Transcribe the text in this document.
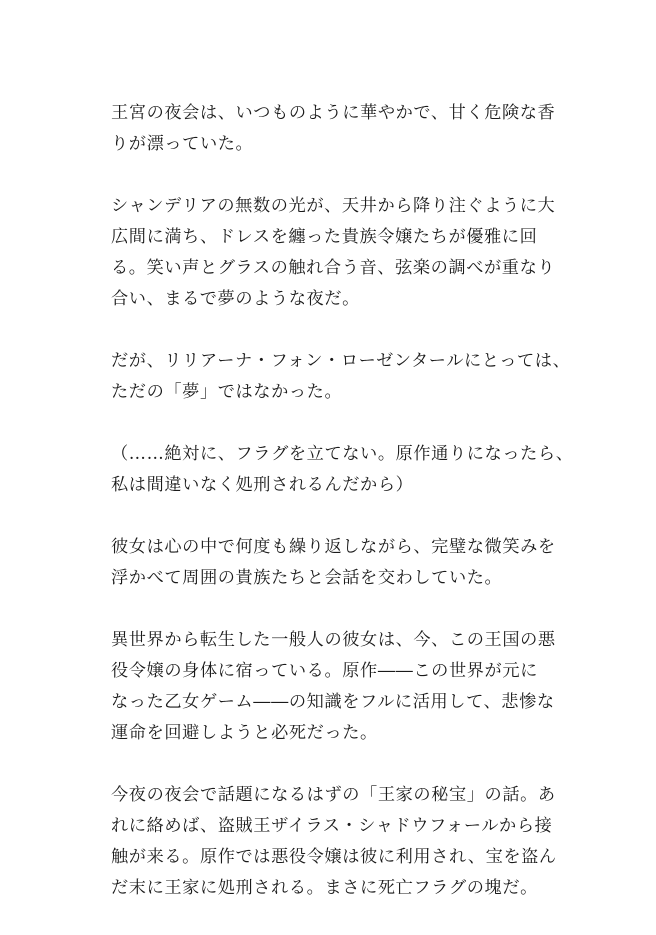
王宮の夜会は、いつものように華やかで、甘く危険な香
りが漂っていた。

シャンデリアの無数の光が、天井から降り注ぐように大
広間に満ち、ドレスを纏った貴族令嬢たちが優雅に回
る。笑い声とグラスの触れ合う音、弦楽の調べが重なり
合い、まるで夢のような夜だ。

だが、リリアーナ・フォン・ローゼンタールにとっては、
ただの「夢」ではなかった。

（……絶対に、フラグを立てない。原作通りになったら、
私は間違いなく処刑されるんだから）

彼女は心の中で何度も繰り返しながら、完璧な微笑みを
浮かべて周囲の貴族たちと会話を交わしていた。

異世界から転生した一般人の彼女は、今、この王国の悪
役令嬢の身体に宿っている。原作――この世界が元に
なった乙女ゲーム――の知識をフルに活用して、悲惨な
運命を回避しようと必死だった。

今夜の夜会で話題になるはずの「王家の秘宝」の話。あ
れに絡めば、盗賊王ザイラス・シャドウフォールから接
触が来る。原作では悪役令嬢は彼に利用され、宝を盗ん
だ末に王家に処刑される。まさに死亡フラグの塊だ。
